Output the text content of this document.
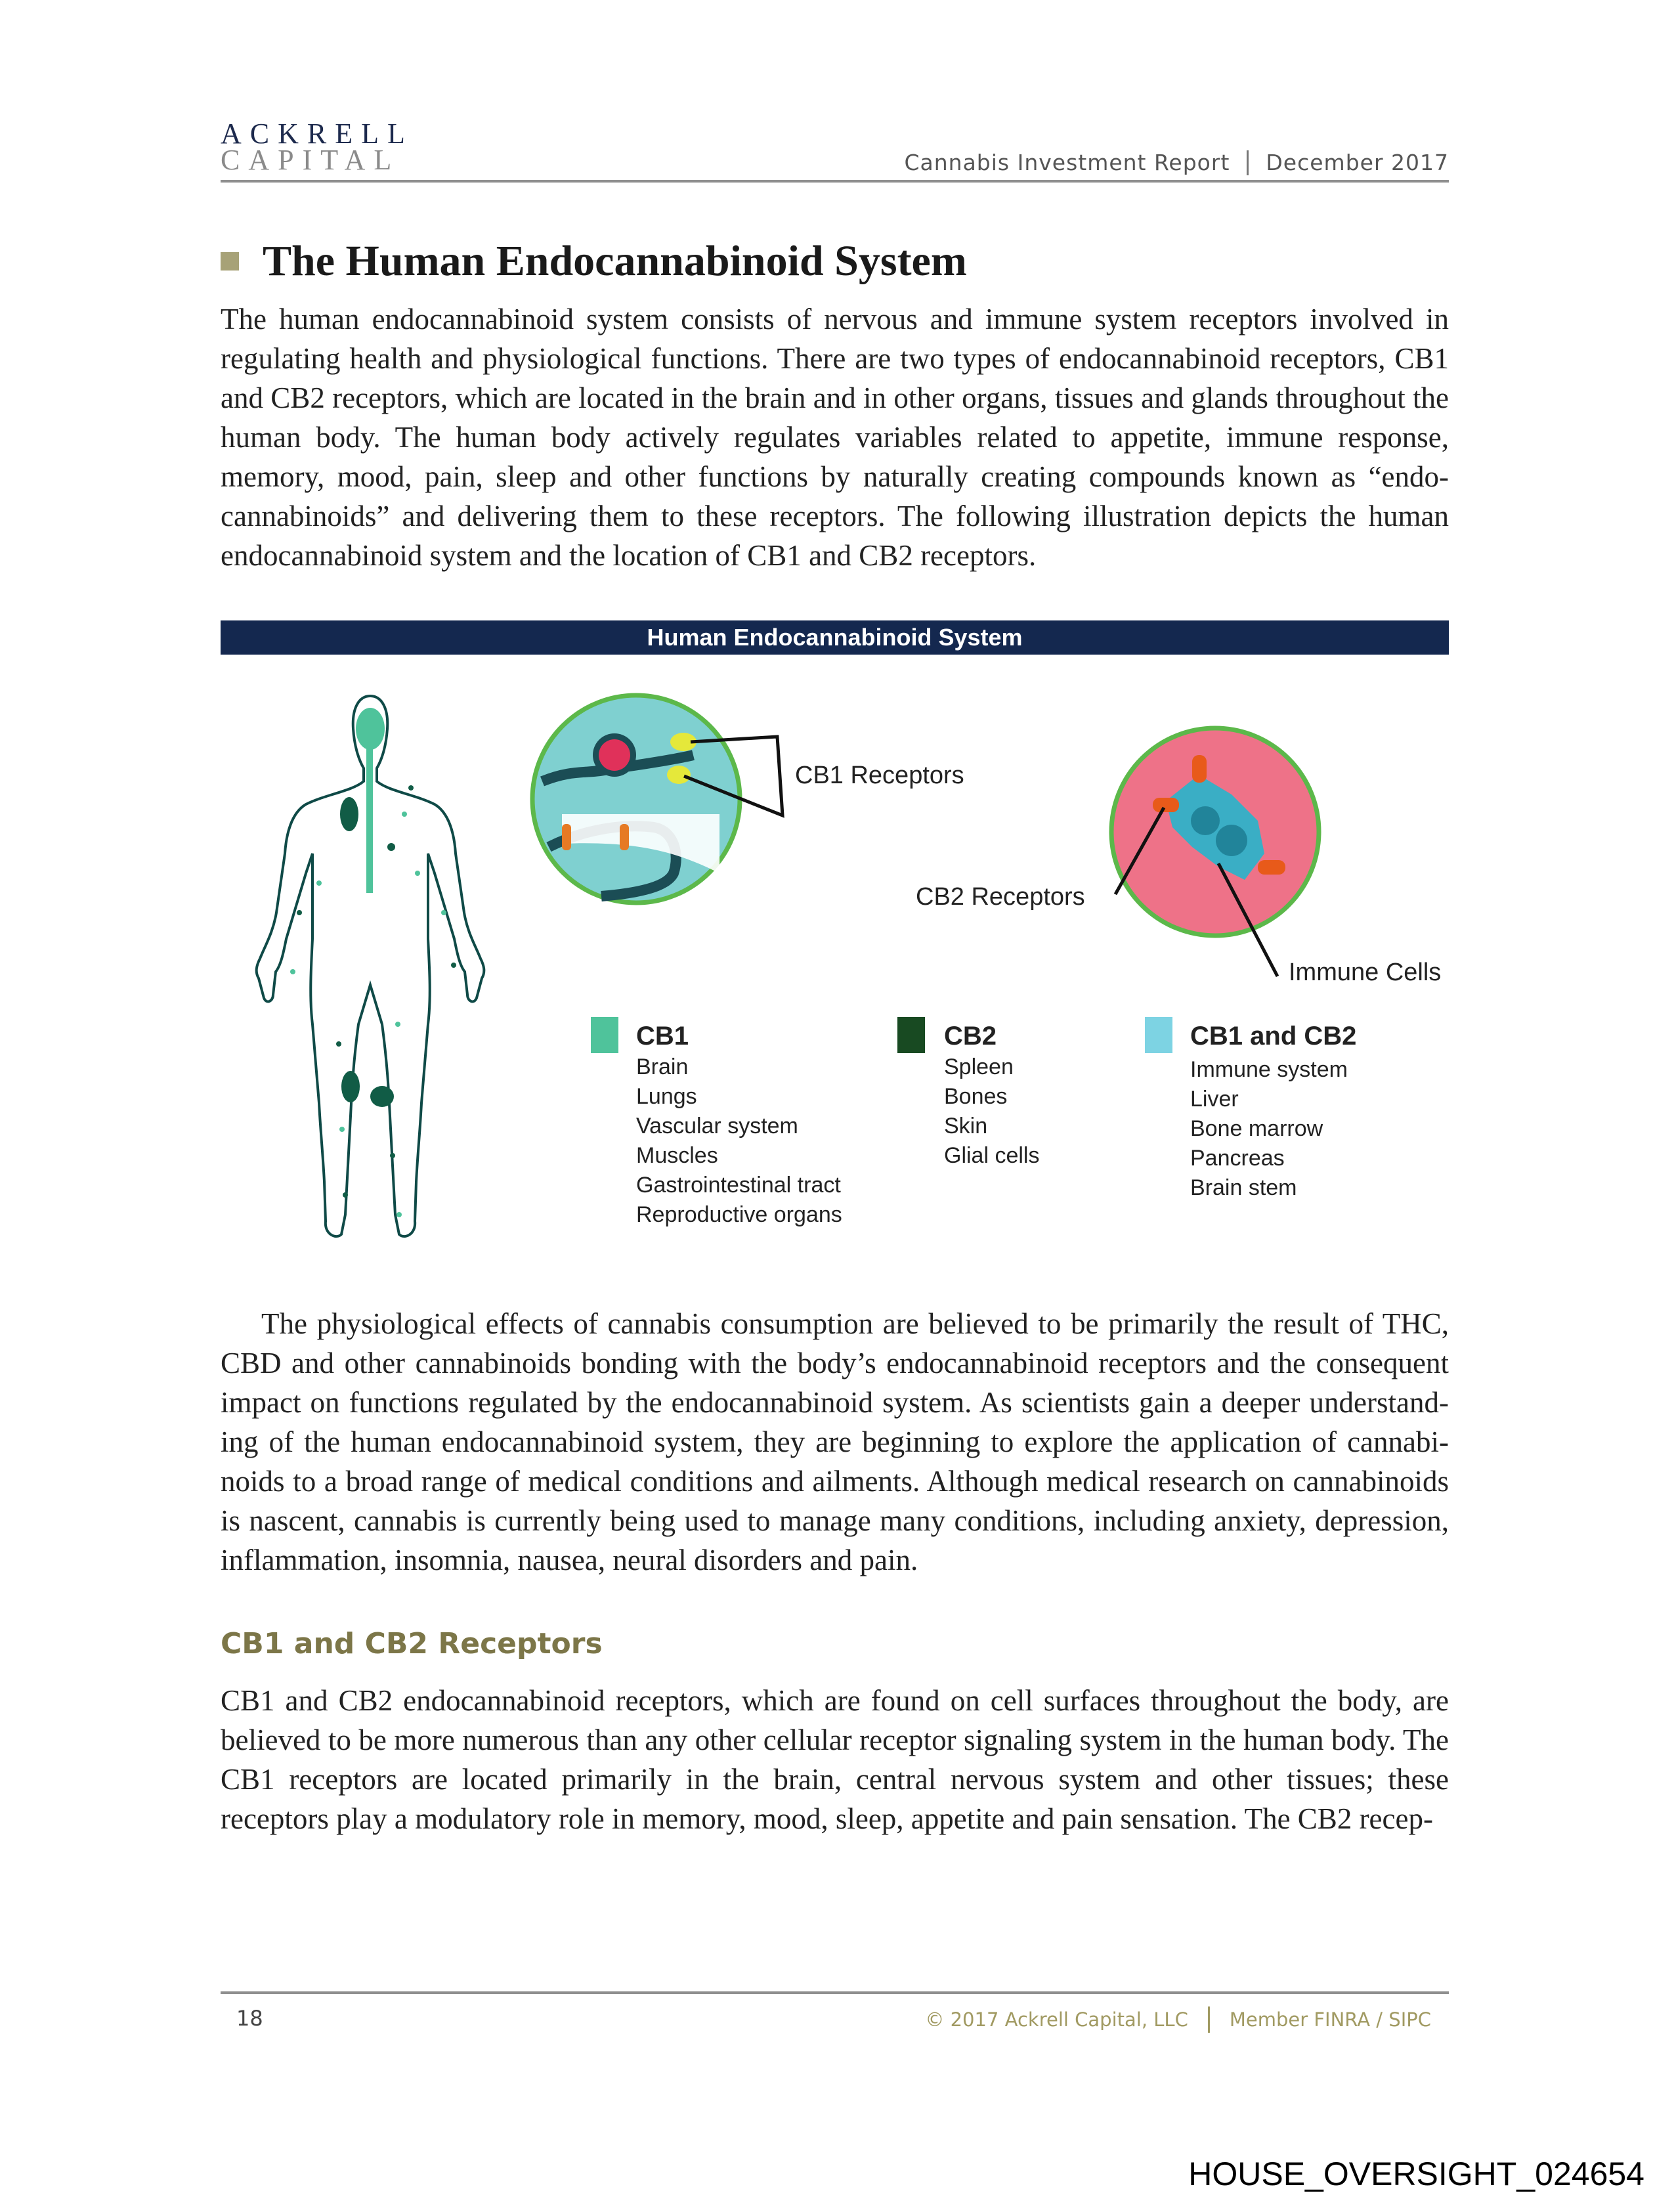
ACKRELL
CAPITAL	Cannabis Investment Report December 2017
The Human Endocannabinoid System
The human endocannabinoid system consists of nervous and immune system receptors involved in regulating health and physiological functions. There are two types of endocannabinoid receptors, CB1 and CB2 receptors, which are located in the brain and in other organs, tissues and glands throughout the human body. The human body actively regulates variables related to appetite, immune response, memory, mood, pain, sleep and other functions by naturally creating compounds known as “endo-cannabinoids” and delivering them to these receptors. The following illustration depicts the human endocannabinoid system and the location of CB1 and CB2 receptors.
Human Endocannabinoid System
CB1 Receptors
CB2 Receptors
Immune Cells
CB1
Brain
Lungs
Vascular system
Muscles
Gastrointestinal tract
Reproductive organs
CB2
Spleen
Bones
Skin
Glial cells
CB1 and CB2
Immune system
Liver
Bone marrow
Pancreas
Brain stem
The physiological effects of cannabis consumption are believed to be primarily the result of THC, CBD and other cannabinoids bonding with the body’s endocannabinoid receptors and the consequent impact on functions regulated by the endocannabinoid system. As scientists gain a deeper understand-ing of the human endocannabinoid system, they are beginning to explore the application of cannabi-noids to a broad range of medical conditions and ailments. Although medical research on cannabinoids is nascent, cannabis is currently being used to manage many conditions, including anxiety, depression, inflammation, insomnia, nausea, neural disorders and pain.
CB1 and CB2 Receptors
CB1 and CB2 endocannabinoid receptors, which are found on cell surfaces throughout the body, are believed to be more numerous than any other cellular receptor signaling system in the human body. The CB1 receptors are located primarily in the brain, central nervous system and other tissues; these receptors play a modulatory role in memory, mood, sleep, appetite and pain sensation. The CB2 recep-
18	© 2017 Ackrell Capital, LLC Member FINRA / SIPC
HOUSE_OVERSIGHT_024654
